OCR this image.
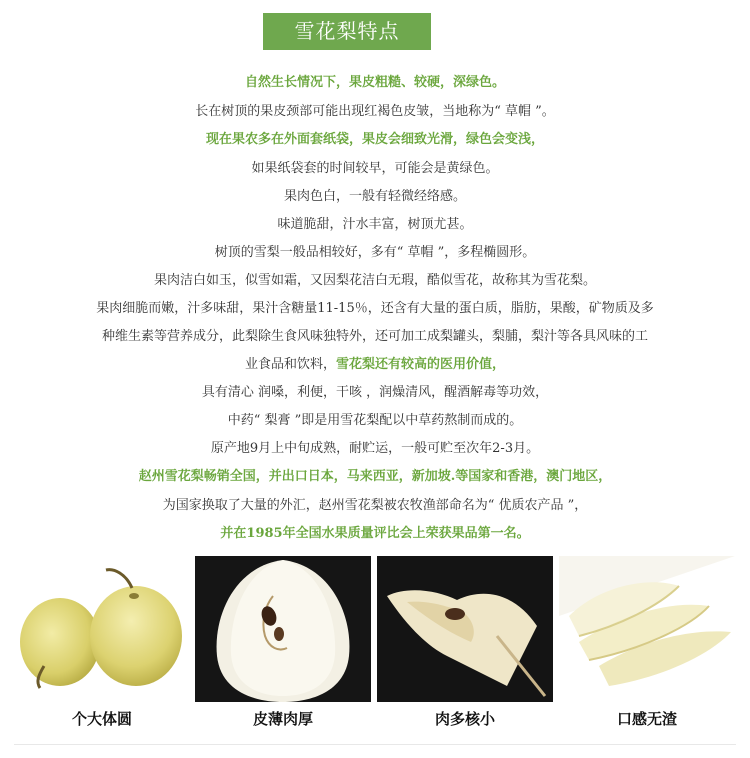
雪花梨特点
自然生长情况下，果皮粗糙、较硬，深绿色。
长在树顶的果皮颈部可能出现红褐色皮皱，当地称为“ 草帽 ”。
现在果农多在外面套纸袋，果皮会细致光滑，绿色会变浅，
如果纸袋套的时间较早，可能会是黄绿色。
果肉色白，一般有轻微经络感。
味道脆甜，汁水丰富，树顶尤甚。
树顶的雪梨一般品相较好，多有“ 草帽 ”，多程椭圆形。
果肉洁白如玉，似雪如霜，又因梨花洁白无瑕，酷似雪花，故称其为雪花梨。
果肉细脆而嫩，汁多味甜，果汁含糖量11-15％，还含有大量的蛋白质，脂肪，果酸，矿物质及多
种维生素等营养成分，此梨除生食风味独特外，还可加工成梨罐头，梨脯，梨汁等各具风味的工
业食品和饮料，雪花梨还有较高的医用价值，
具有清心 润嗓，利便，干咳 ，润燥清风，醒酒解毒等功效，
中药“ 梨膏 ”即是用雪花梨配以中草药熬制而成的。
原产地9月上中旬成熟，耐贮运，一般可贮至次年2-3月。
赵州雪花梨畅销全国，并出口日本，马来西亚，新加坡.等国家和香港，澳门地区，
为国家换取了大量的外汇，赵州雪花梨被农牧渔部命名为“ 优质农产品 ”，
并在1985年全国水果质量评比会上荣获果品第一名。
个大体圆	皮薄肉厚	肉多核小	口感无渣
